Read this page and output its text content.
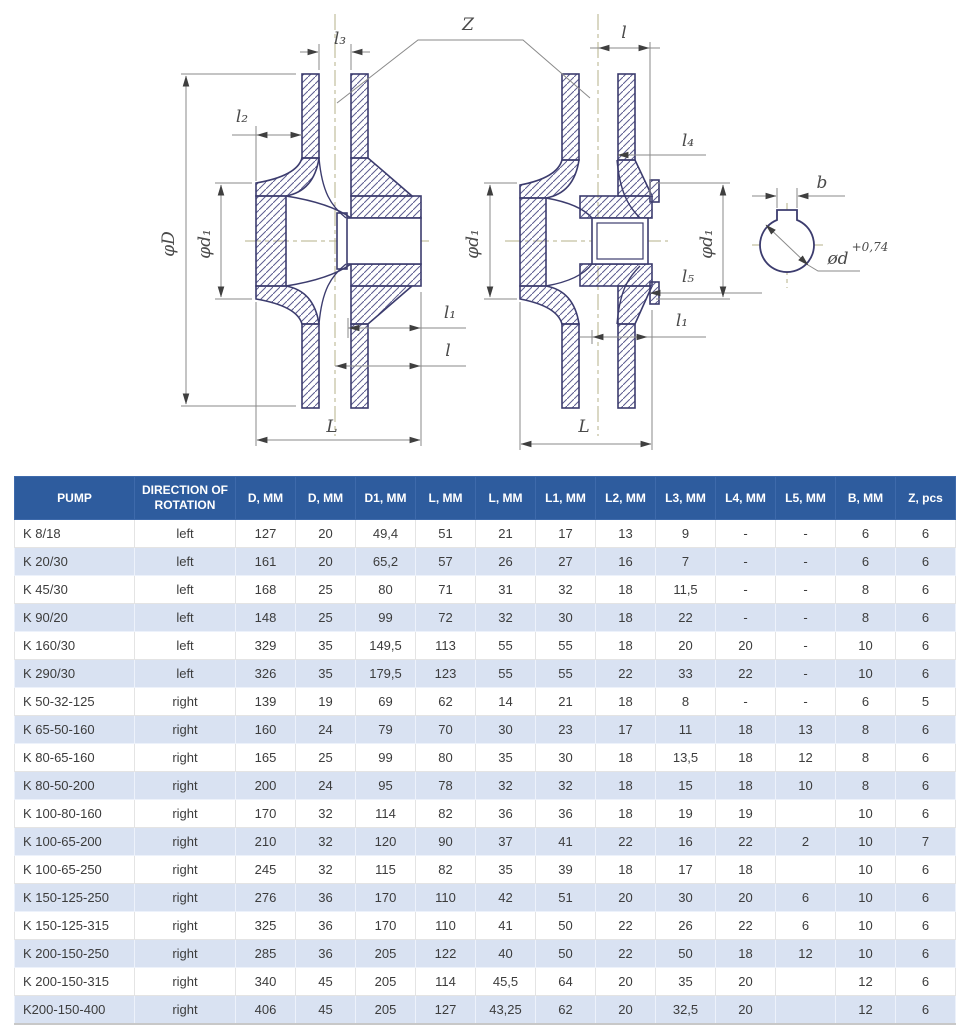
l₃
Z	l
l₂
l₄
l₅
l₁
l₁
l
L	L
φD φd₁	φd₁	φd₁
b
ød
+0,74
PUMP	DIRECTION OF ROTATION	D, MM	D, MM	D1, MM	L, MM	L, MM	L1, MM	L2, MM	L3, MM	L4, MM	L5, MM	B, MM	Z, pcs
K 8/18	left	127	20	49,4	51	21	17	13	9	-	-	6	6
K 20/30	left	161	20	65,2	57	26	27	16	7	-	-	6	6
K 45/30	left	168	25	80	71	31	32	18	11,5	-	-	8	6
K 90/20	left	148	25	99	72	32	30	18	22	-	-	8	6
K 160/30	left	329	35	149,5	113	55	55	18	20	20	-	10	6
K 290/30	left	326	35	179,5	123	55	55	22	33	22	-	10	6
K 50-32-125	right	139	19	69	62	14	21	18	8	-	-	6	5
K 65-50-160	right	160	24	79	70	30	23	17	11	18	13	8	6
K 80-65-160	right	165	25	99	80	35	30	18	13,5	18	12	8	6
K 80-50-200	right	200	24	95	78	32	32	18	15	18	10	8	6
K 100-80-160	right	170	32	114	82	36	36	18	19	19		10	6
K 100-65-200	right	210	32	120	90	37	41	22	16	22	2	10	7
K 100-65-250	right	245	32	115	82	35	39	18	17	18		10	6
K 150-125-250	right	276	36	170	110	42	51	20	30	20	6	10	6
K 150-125-315	right	325	36	170	110	41	50	22	26	22	6	10	6
K 200-150-250	right	285	36	205	122	40	50	22	50	18	12	10	6
K 200-150-315	right	340	45	205	114	45,5	64	20	35	20		12	6
K200-150-400	right	406	45	205	127	43,25	62	20	32,5	20		12	6
